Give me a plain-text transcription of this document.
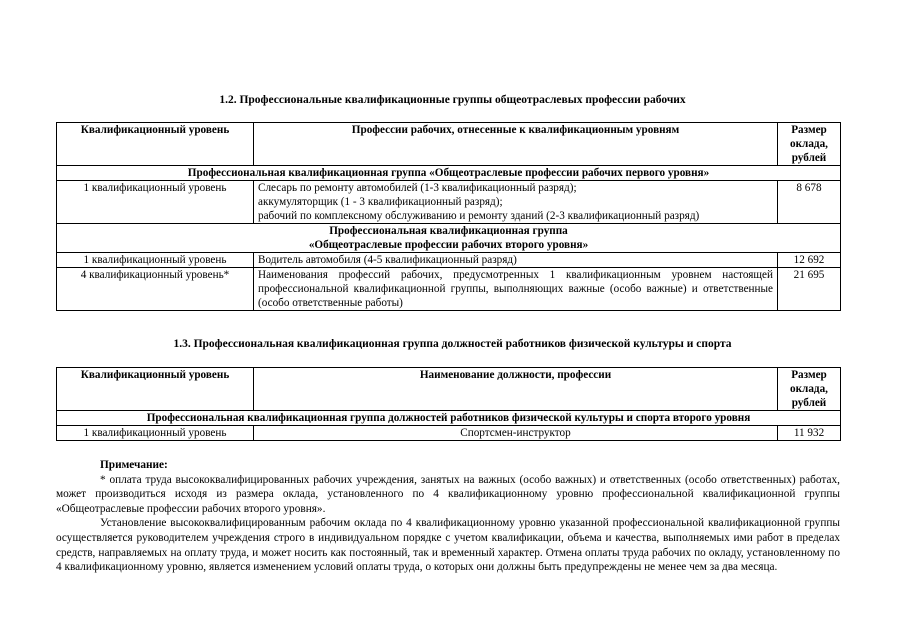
1.2. Профессиональные квалификационные группы общеотраслевых профессии рабочих
Квалификационный уровень	Профессии рабочих, отнесенные к квалификационным уровням	Размер
оклада,
рублей

Профессиональная квалификационная группа «Общеотраслевые профессии рабочих первого уровня»		
1 квалификационный уровень	Слесарь по ремонту автомобилей (1-3 квалификационный разряд);
аккумуляторщик (1 - 3 квалификационный разряд);
рабочий по комплексному обслуживанию и ремонту зданий (2-3 квалификационный разряд)	8 678

Профессиональная квалификационная группа
«Общеотраслевые профессии рабочих второго уровня»		

1 квалификационный уровень	Водитель автомобиля (4-5 квалификационный разряд)	12 692
4 квалификационный уровень*	Наименования профессий рабочих, предусмотренных 1 квалификационным уровнем настоящей профессиональной квалификационной группы, выполняющих важные (особо важные) и ответственные (особо ответственные работы)	21 695
1.3. Профессиональная квалификационная группа должностей работников физической культуры и спорта
Квалификационный уровень	Наименование должности, профессии	Размер
оклада,
рублей

Профессиональная квалификационная группа должностей работников физической культуры и спорта второго уровня		
1 квалификационный уровень	Спортсмен-инструктор	11 932

Примечание:

* оплата труда высококвалифицированных рабочих учреждения, занятых на важных (особо важных) и ответственных (особо ответственных) работах, может производиться исходя из размера оклада, установленного по 4 квалификационному уровню профессиональной квалификационной группы «Общеотраслевые профессии рабочих второго уровня».

Установление высококвалифицированным рабочим оклада по 4 квалификационному уровню указанной профессиональной квалификационной группы осуществляется руководителем учреждения строго в индивидуальном порядке с учетом квалификации, объема и качества, выполняемых ими работ в пределах средств, направляемых на оплату труда, и может носить как постоянный, так и временный характер. Отмена оплаты труда рабочих по окладу, установленному по 4 квалификационному уровню, является изменением условий оплаты труда, о которых они должны быть предупреждены не менее чем за два месяца.
